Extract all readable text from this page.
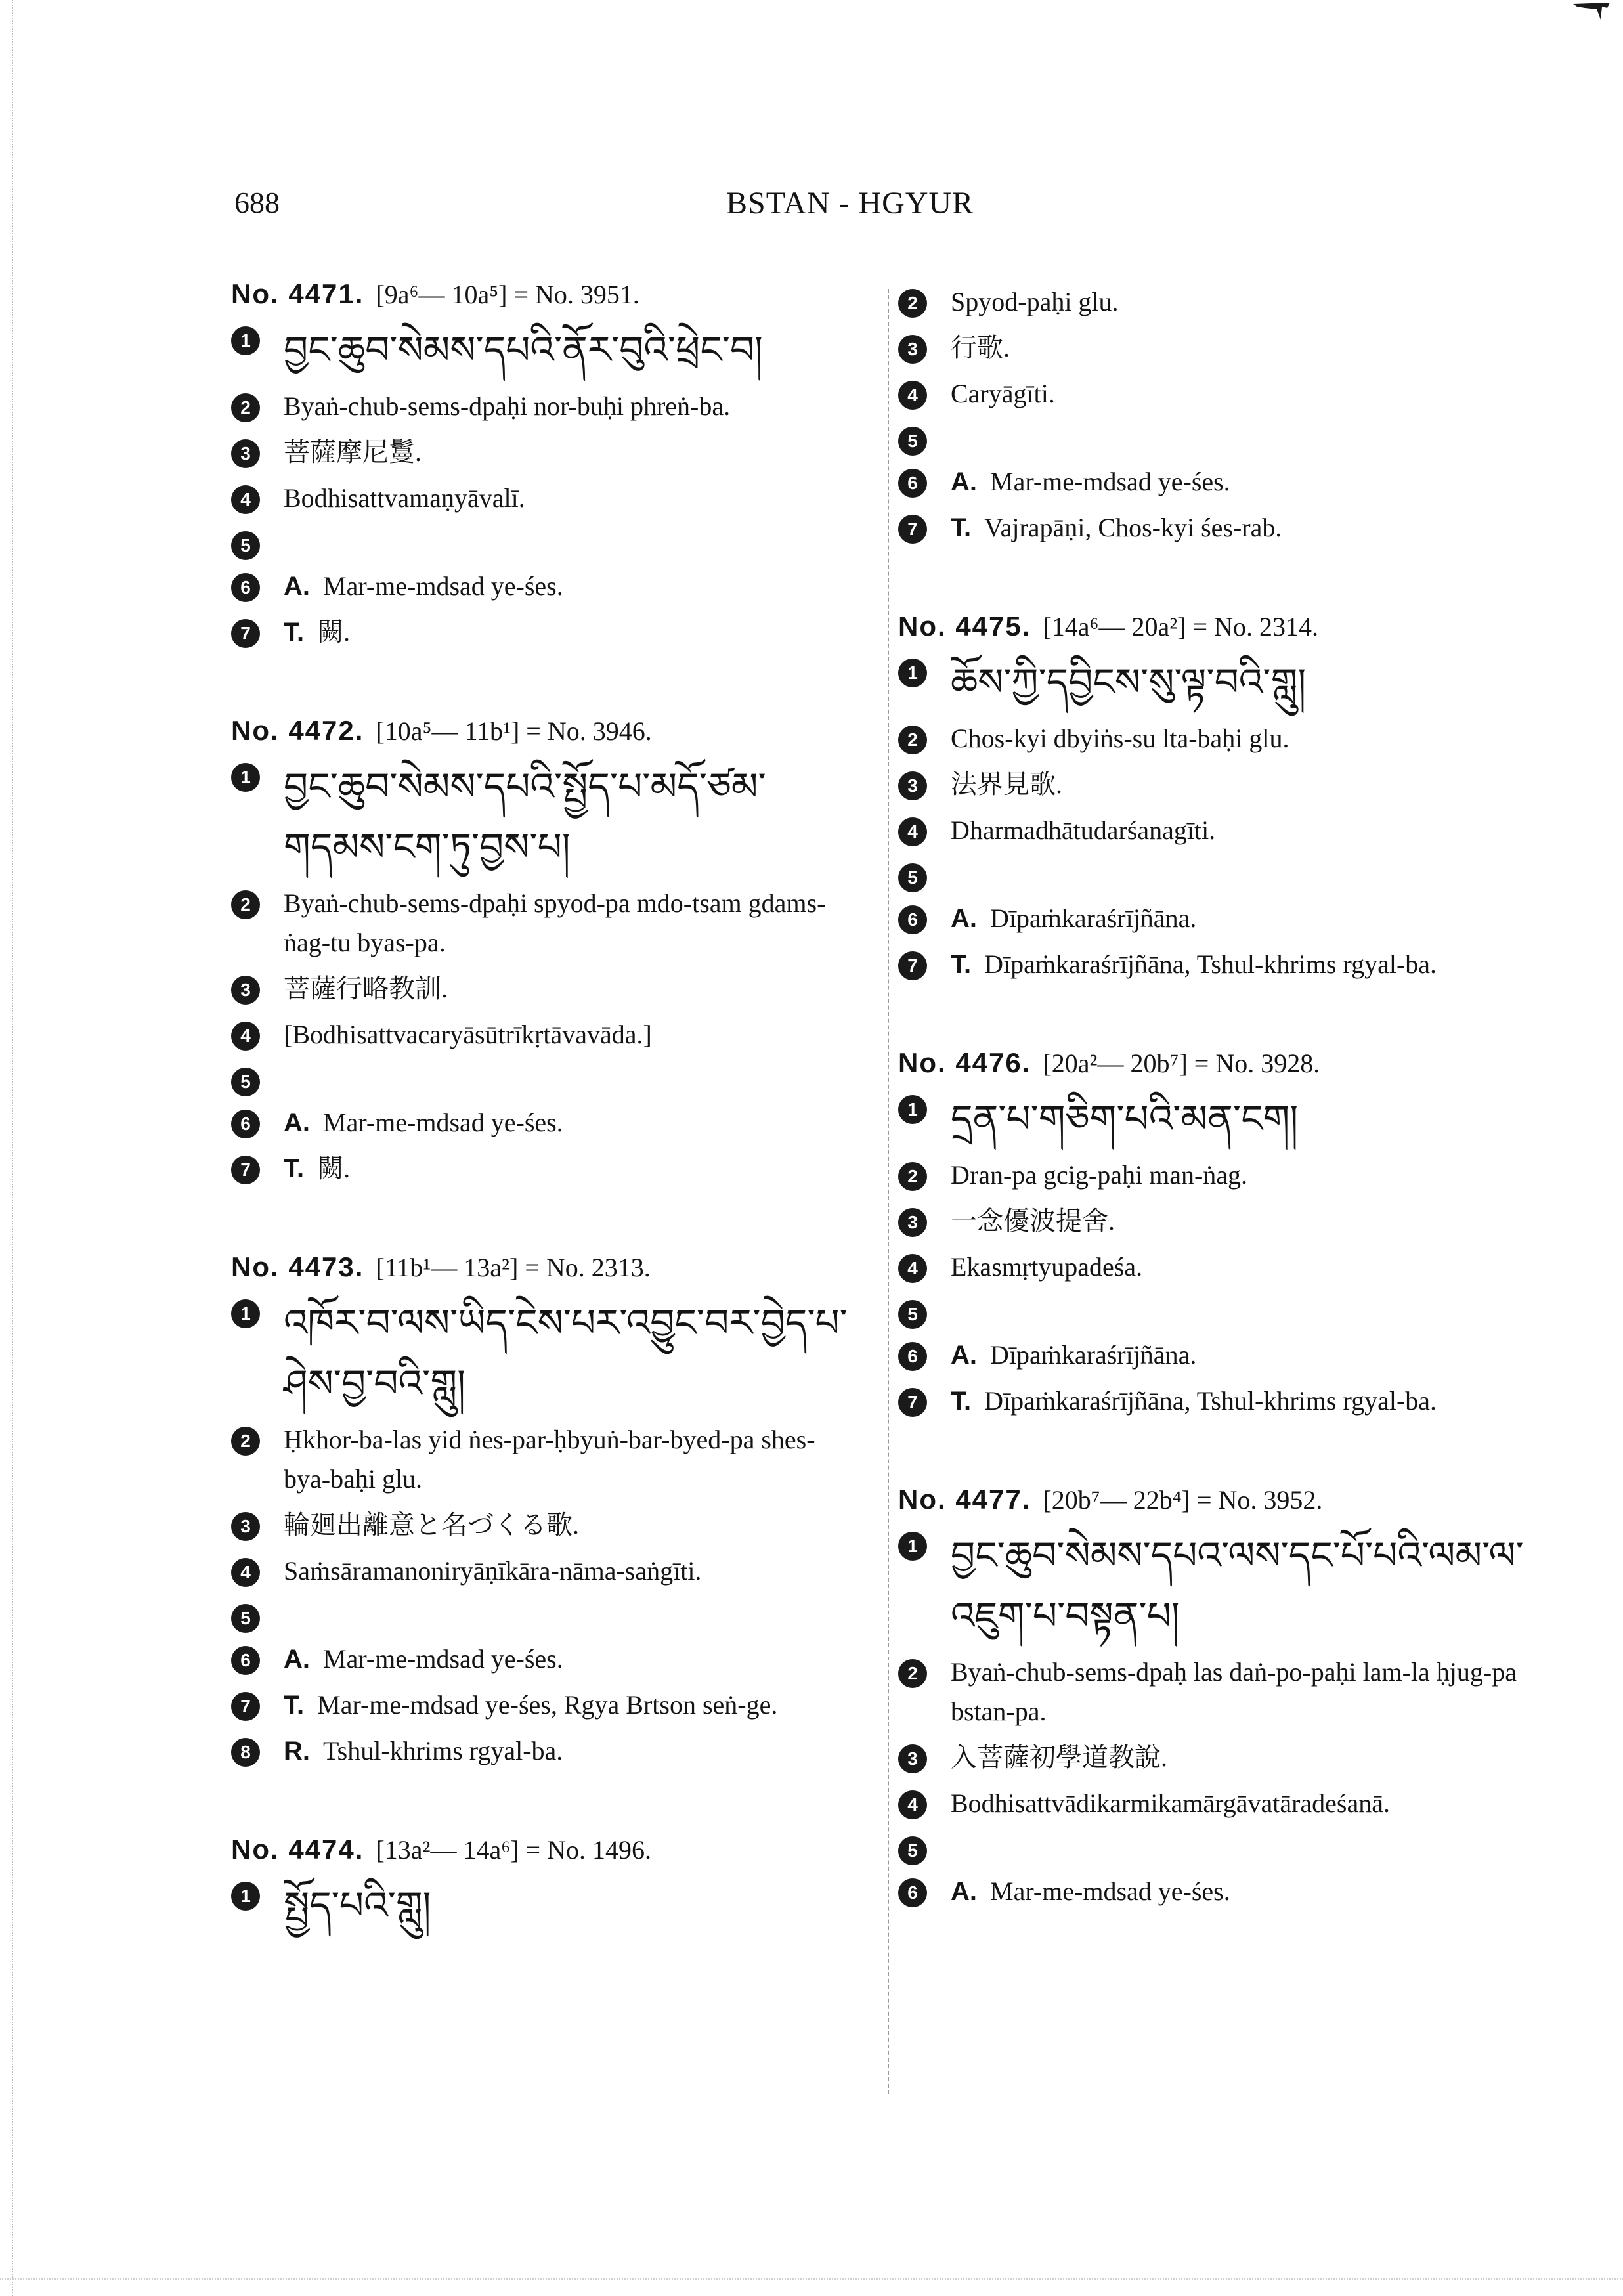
688	BSTAN - HGYUR
No. 4471. [9a⁶— 10a⁵] = No. 3951.
1 བྱང་ཆུབ་སེམས་དཔའི་ནོར་བུའི་ཕྲེང་བ།
2	Byaṅ-chub-sems-dpaḥi nor-buḥi phreṅ-ba.
3	菩薩摩尼鬘.
4	Bodhisattvamaṇyāvalī.
5
6	A. Mar-me-mdsad ye-śes.
7	T. 闕.
No. 4472. [10a⁵— 11b¹] = No. 3946.
1 བྱང་ཆུབ་སེམས་དཔའི་སྤྱོད་པ་མདོ་ཙམ་གདམས་ངག་ཏུ་བྱས་པ།
2	Byaṅ-chub-sems-dpaḥi spyod-pa mdo-tsam gdams-ṅag-tu byas-pa.
3	菩薩行略教訓.
4	[Bodhisattvacaryāsūtrīkṛtāvavāda.]
5
6	A. Mar-me-mdsad ye-śes.
7	T. 闕.
No. 4473. [11b¹— 13a²] = No. 2313.
1 འཁོར་བ་ལས་ཡིད་ངེས་པར་འབྱུང་བར་བྱེད་པ་ཤེས་བྱ་བའི་གླུ།
2	Ḥkhor-ba-las yid ṅes-par-ḥbyuṅ-bar-byed-pa shes-bya-baḥi glu.
3	輪廻出離意と名づくる歌.
4	Saṁsāramanoniryāṇīkāra-nāma-saṅgīti.
5
6	A. Mar-me-mdsad ye-śes.
7	T. Mar-me-mdsad ye-śes, Rgya Brtson seṅ-ge.
8	R. Tshul-khrims rgyal-ba.
No. 4474. [13a²— 14a⁶] = No. 1496.
1 སྤྱོད་པའི་གླུ།
2	Spyod-paḥi glu.
3	行歌.
4	Caryāgīti.
5
6	A. Mar-me-mdsad ye-śes.
7	T. Vajrapāṇi, Chos-kyi śes-rab.
No. 4475. [14a⁶— 20a²] = No. 2314.
1 ཆོས་ཀྱི་དབྱིངས་སུ་ལྟ་བའི་གླུ།
2	Chos-kyi dbyiṅs-su lta-baḥi glu.
3	法界見歌.
4	Dharmadhātudarśanagīti.
5
6	A. Dīpaṁkaraśrījñāna.
7	T. Dīpaṁkaraśrījñāna, Tshul-khrims rgyal-ba.
No. 4476. [20a²— 20b⁷] = No. 3928.
1 དྲན་པ་གཅིག་པའི་མན་ངག།
2	Dran-pa gcig-paḥi man-ṅag.
3	一念優波提舍.
4	Ekasmṛtyupadeśa.
5
6	A. Dīpaṁkaraśrījñāna.
7	T. Dīpaṁkaraśrījñāna, Tshul-khrims rgyal-ba.
No. 4477. [20b⁷— 22b⁴] = No. 3952.
1 བྱང་ཆུབ་སེམས་དཔའ་ལས་དང་པོ་པའི་ལམ་ལ་འཇུག་པ་བསྟན་པ།
2	Byaṅ-chub-sems-dpaḥ las daṅ-po-paḥi lam-la ḥjug-pa bstan-pa.
3	入菩薩初學道教說.
4	Bodhisattvādikarmikamārgāvatāradeśanā.
5
6	A. Mar-me-mdsad ye-śes.
